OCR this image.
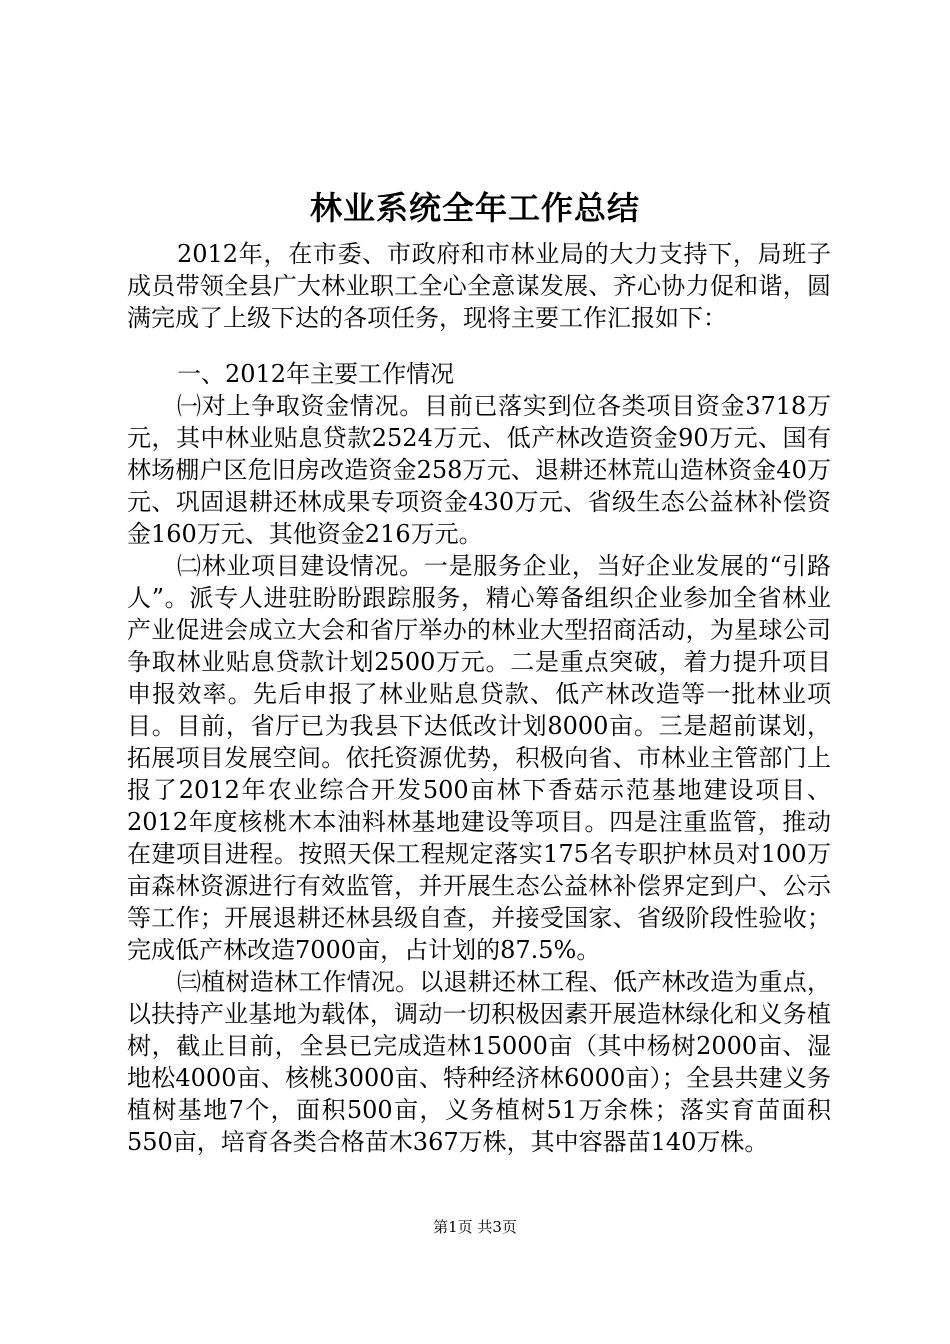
林业系统全年工作总结

2012年，在市委、市政府和市林业局的大力支持下，局班子成员带领全县广大林业职工全心全意谋发展、齐心协力促和谐，圆满完成了上级下达的各项任务，现将主要工作汇报如下：

一、2012年主要工作情况

㈠对上争取资金情况。目前已落实到位各类项目资金3718万元，其中林业贴息贷款2524万元、低产林改造资金90万元、国有林场棚户区危旧房改造资金258万元、退耕还林荒山造林资金40万元、巩固退耕还林成果专项资金430万元、省级生态公益林补偿资金160万元、其他资金216万元。

㈡林业项目建设情况。一是服务企业，当好企业发展的“引路人”。派专人进驻盼盼跟踪服务，精心筹备组织企业参加全省林业产业促进会成立大会和省厅举办的林业大型招商活动，为星球公司争取林业贴息贷款计划2500万元。二是重点突破，着力提升项目申报效率。先后申报了林业贴息贷款、低产林改造等一批林业项目。目前，省厅已为我县下达低改计划8000亩。三是超前谋划，拓展项目发展空间。依托资源优势，积极向省、市林业主管部门上报了2012年农业综合开发500亩林下香菇示范基地建设项目、2012年度核桃木本油料林基地建设等项目。四是注重监管，推动在建项目进程。按照天保工程规定落实175名专职护林员对100万亩森林资源进行有效监管，并开展生态公益林补偿界定到户、公示等工作；开展退耕还林县级自查，并接受国家、省级阶段性验收；完成低产林改造7000亩，占计划的87.5%。

㈢植树造林工作情况。以退耕还林工程、低产林改造为重点，以扶持产业基地为载体，调动一切积极因素开展造林绿化和义务植树，截止目前，全县已完成造林15000亩（其中杨树2000亩、湿地松4000亩、核桃3000亩、特种经济林6000亩）；全县共建义务植树基地7个，面积500亩，义务植树51万余株；落实育苗面积550亩，培育各类合格苗木367万株，其中容器苗140万株。

第1页 共3页
